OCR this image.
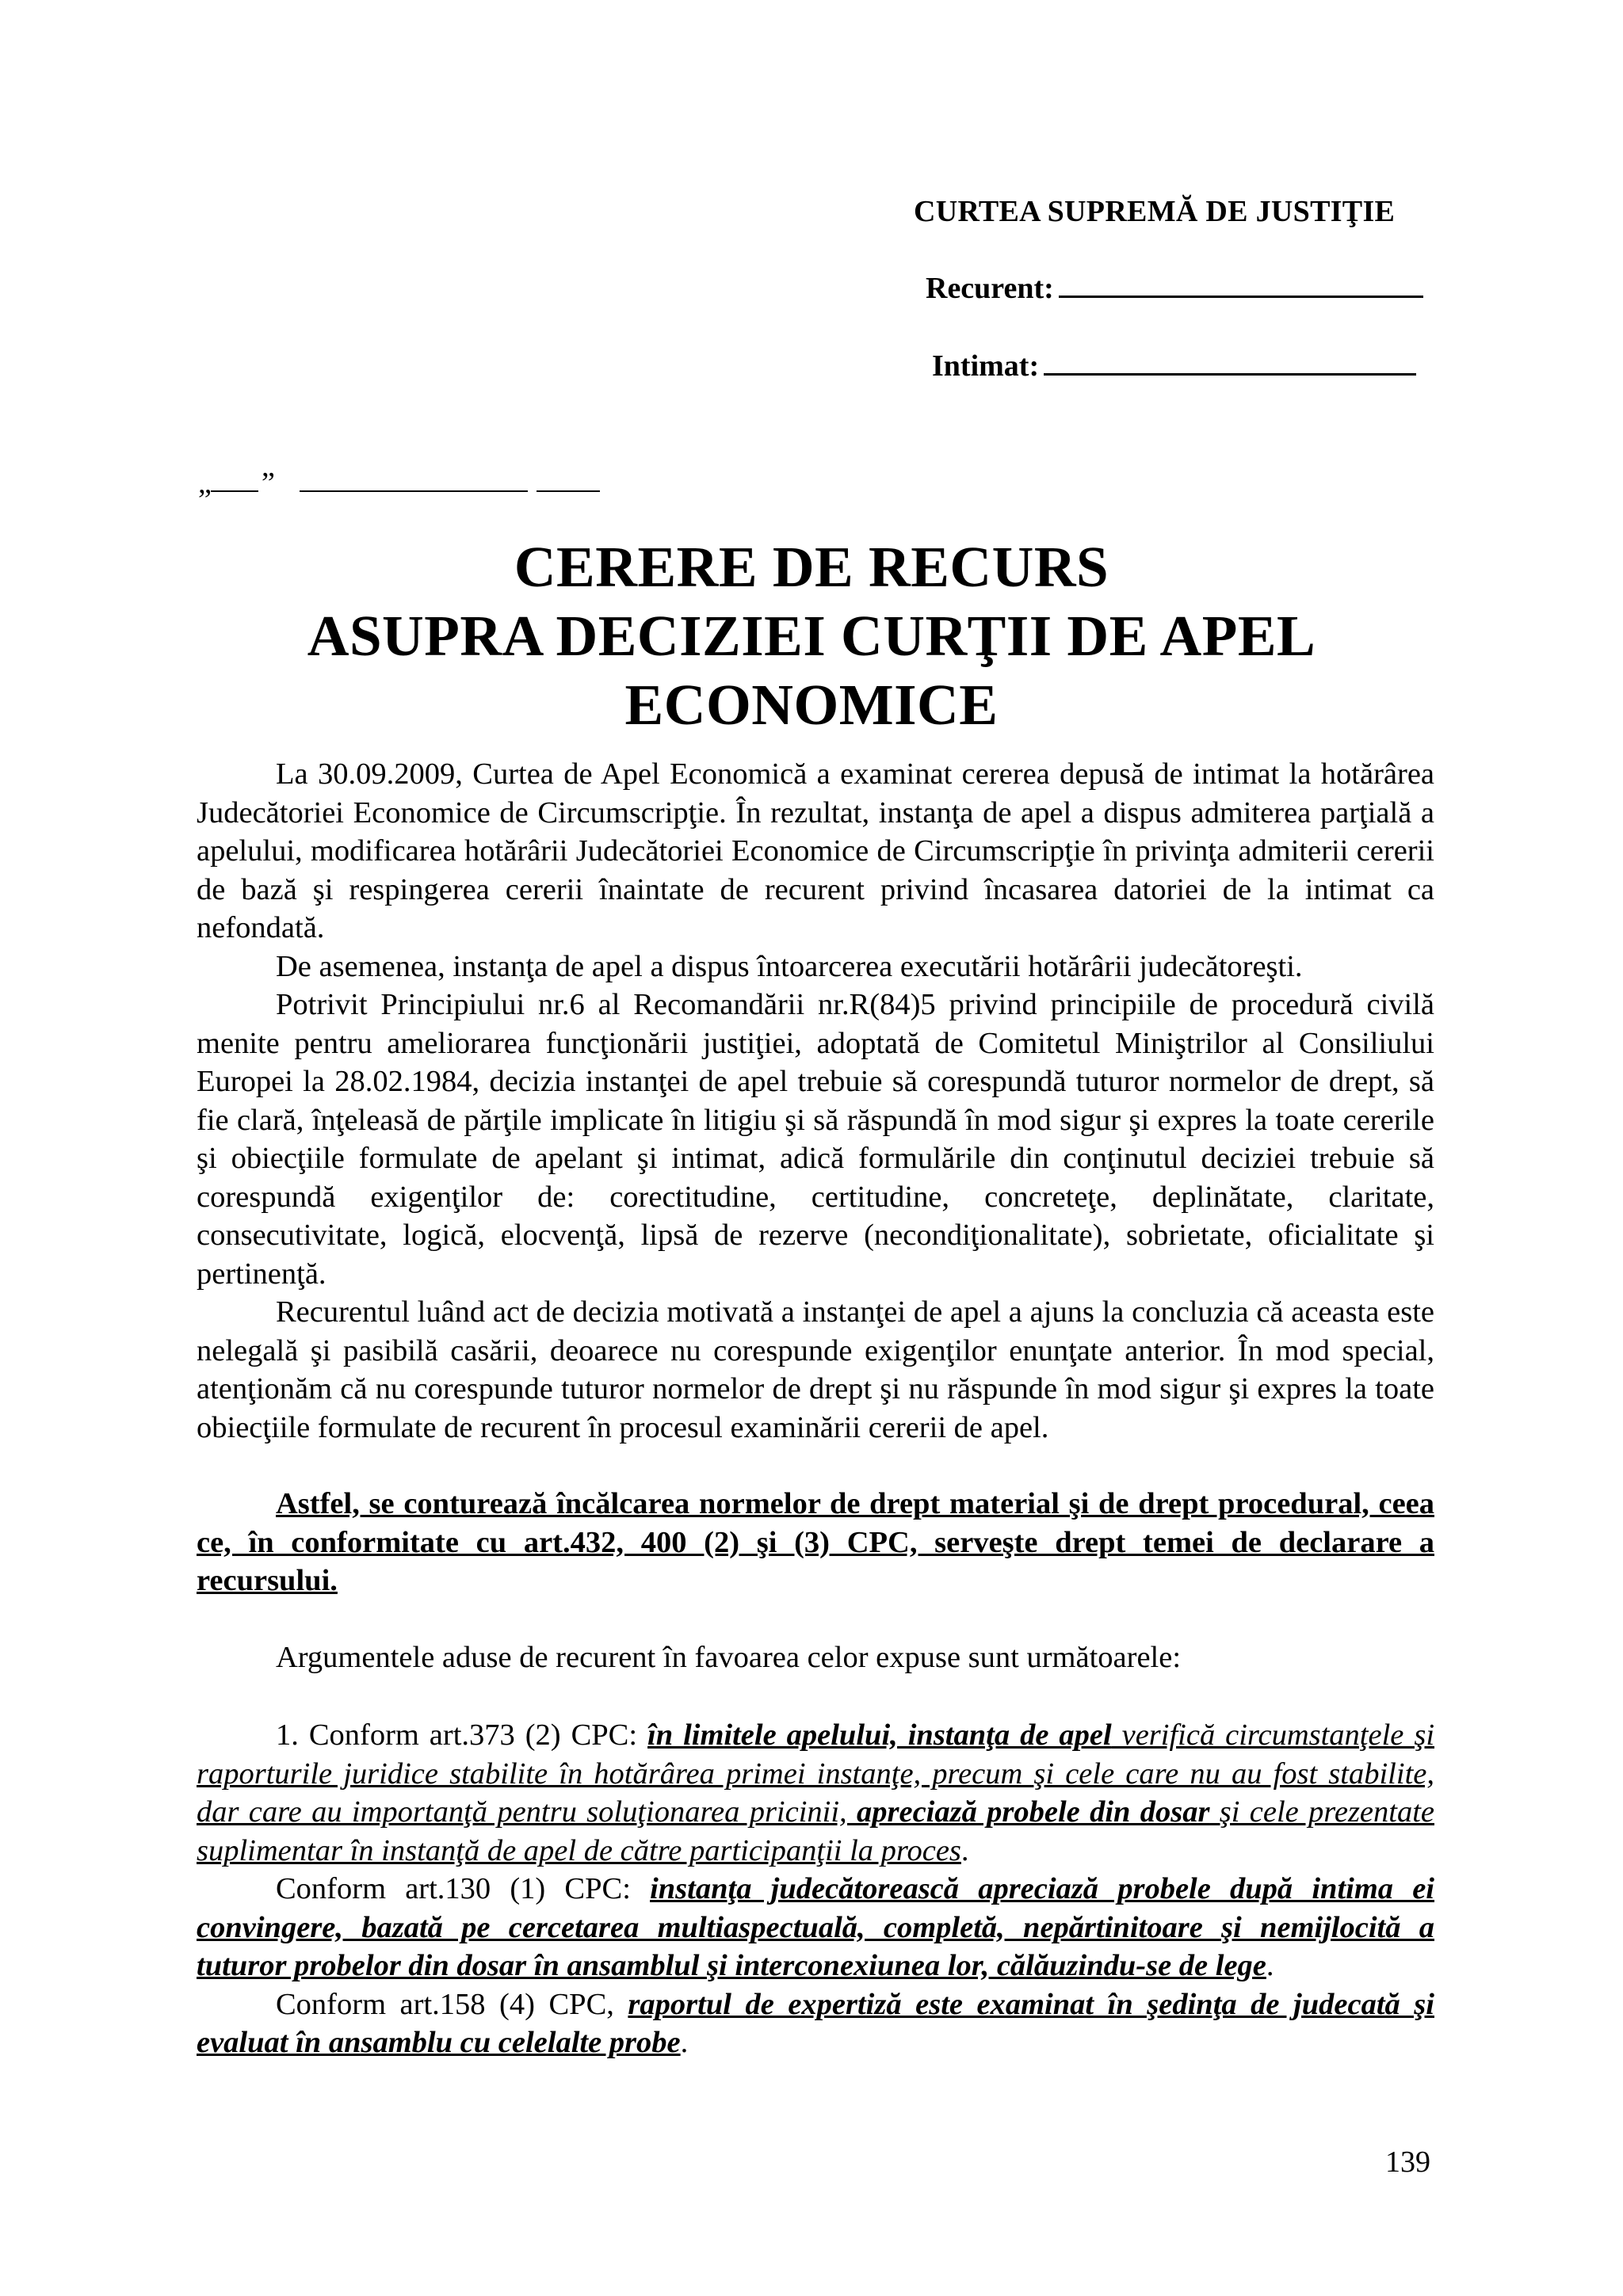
CURTEA SUPREMĂ DE JUSTIŢIE
Recurent:
Intimat:
„ ”
CERERE DE RECURS
ASUPRA DECIZIEI CURŢII DE APEL
ECONOMICE

La 30.09.2009, Curtea de Apel Economică a examinat cererea depusă de intimat la hotărârea Judecătoriei Economice de Circumscripţie. În rezultat, instanţa de apel a dispus admiterea parţială a apelului, modificarea hotărârii Judecătoriei Economice de Circumscripţie în privinţa admiterii cererii de bază şi respingerea cererii înaintate de recurent privind încasarea datoriei de la intimat ca nefondată.

De asemenea, instanţa de apel a dispus întoarcerea executării hotărârii judecătoreşti.

Potrivit Principiului nr.6 al Recomandării nr.R(84)5 privind principiile de procedură civilă menite pentru ameliorarea funcţionării justiţiei, adoptată de Comitetul Miniştrilor al Consiliului Europei la 28.02.1984, decizia instanţei de apel trebuie să corespundă tuturor normelor de drept, să fie clară, înţeleasă de părţile implicate în litigiu şi să răspundă în mod sigur şi expres la toate cererile şi obiecţiile formulate de apelant şi intimat, adică formulările din conţinutul deciziei trebuie să corespundă exigenţilor de: corectitudine, certitudine, concreteţe, deplinătate, claritate, consecutivitate, logică, elocvenţă, lipsă de rezerve (necondiţionalitate), sobrietate, oficialitate şi pertinenţă.

Recurentul luând act de decizia motivată a instanţei de apel a ajuns la concluzia că aceasta este nelegală şi pasibilă casării, deoarece nu corespunde exigenţilor enunţate anterior. În mod special, atenţionăm că nu corespunde tuturor normelor de drept şi nu răspunde în mod sigur şi expres la toate obiecţiile formulate de recurent în procesul examinării cererii de apel.

Astfel, se conturează încălcarea normelor de drept material şi de drept procedural, ceea ce, în conformitate cu art.432, 400 (2) şi (3) CPC, serveşte drept temei de declarare a recursului.

Argumentele aduse de recurent în favoarea celor expuse sunt următoarele:

1. Conform art.373 (2) CPC: în limitele apelului, instanţa de apel verifică circumstanţele şi raporturile juridice stabilite în hotărârea primei instanţe, precum şi cele care nu au fost stabilite, dar care au importanţă pentru soluţionarea pricinii, apreciază probele din dosar şi cele prezentate suplimentar în instanţă de apel de către participanţii la proces.

Conform art.130 (1) CPC: instanţa judecătorească apreciază probele după intima ei convingere, bazată pe cercetarea multiaspectuală, completă, nepărtinitoare şi nemijlocită a tuturor probelor din dosar în ansamblul şi interconexiunea lor, călăuzindu-se de lege.

Conform art.158 (4) CPC, raportul de expertiză este examinat în şedinţa de judecată şi evaluat în ansamblu cu celelalte probe.

139
